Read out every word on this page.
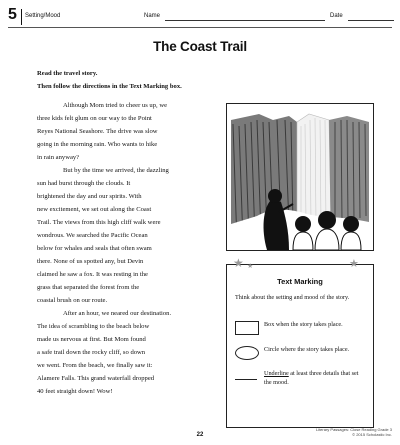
5 Setting/Mood	Name	Date
The Coast Trail
Read the travel story.
Then follow the directions in the Text Marking box.

Although Mom tried to cheer us up, we
three kids felt glum on our way to the Point
Reyes National Seashore. The drive was slow
going in the morning rain. Who wants to hike
in rain anyway?

But by the time we arrived, the dazzling
sun had burst through the clouds. It
brightened the day and our spirits. With
new excitement, we set out along the Coast
Trail. The views from this high cliff walk were
wondrous. We searched the Pacific Ocean
below for whales and seals that often swam
there. None of us spotted any, but Devin
claimed he saw a fox. It was resting in the
grass that separated the forest from the
coastal brush on our route.

After an hour, we neared our destination.
The idea of scrambling to the beach below
made us nervous at first. But Mom found
a safe trail down the rocky cliff, so down
we went. From the beach, we finally saw it:
Alamere Falls. This grand waterfall dropped
40 feet straight down! Wow!

★ ★	★
Text Marking
Think about the setting and mood of the story.
Box when the story takes place.
Circle where the story takes place.
Underline at least three details that set the mood.
22
Literary Passages: Close Reading Grade 3
© 2015 Scholastic Inc.
